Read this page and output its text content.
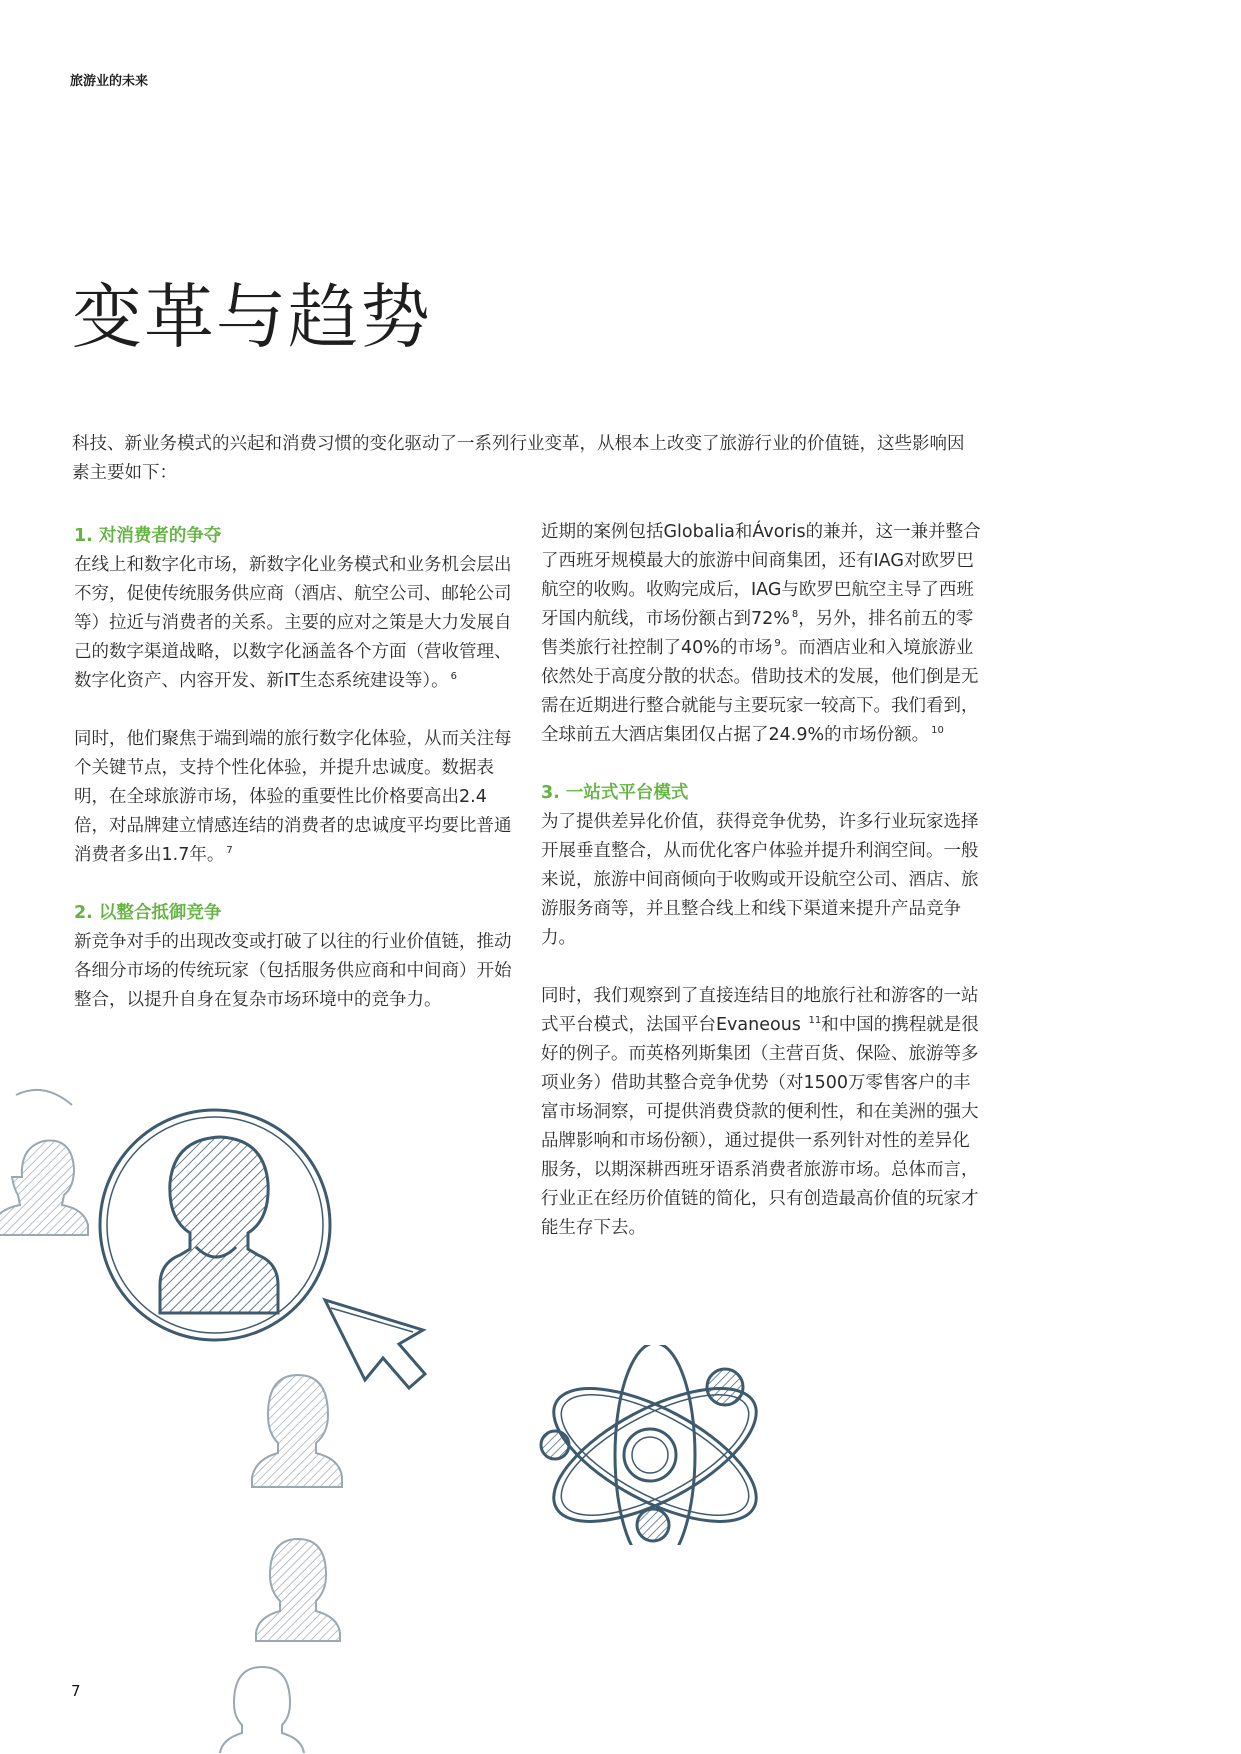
旅游业的未来
变革与趋势

科技、新业务模式的兴起和消费习惯的变化驱动了一系列行业变革，从根本上改变了旅游行业的价值链，这些影响因素主要如下：

1. 对消费者的争夺

在线上和数字化市场，新数字化业务模式和业务机会层出不穷，促使传统服务供应商（酒店、航空公司、邮轮公司等）拉近与消费者的关系。主要的应对之策是大力发展自己的数字渠道战略，以数字化涵盖各个方面（营收管理、数字化资产、内容开发、新IT生态系统建设等）。 $^6$

同时，他们聚焦于端到端的旅行数字化体验，从而关注每个关键节点，支持个性化体验，并提升忠诚度。数据表明，在全球旅游市场，体验的重要性比价格要高出2.4倍，对品牌建立情感连结的消费者的忠诚度平均要比普通消费者多出1.7年。 $^7$

2. 以整合抵御竞争

新竞争对手的出现改变或打破了以往的行业价值链，推动各细分市场的传统玩家（包括服务供应商和中间商）开始整合，以提升自身在复杂市场环境中的竞争力。

近期的案例包括Globalia和Ávoris的兼并，这一兼并整合了西班牙规模最大的旅游中间商集团，还有IAG对欧罗巴航空的收购。收购完成后，IAG与欧罗巴航空主导了西班牙国内航线，市场份额占到72% $^8$，另外，排名前五的零售类旅行社控制了40%的市场 $^9$。而酒店业和入境旅游业依然处于高度分散的状态。借助技术的发展，他们倒是无需在近期进行整合就能与主要玩家一较高下。我们看到，全球前五大酒店集团仅占据了24.9%的市场份额。 $^{10}$

3. 一站式平台模式

为了提供差异化价值，获得竞争优势，许多行业玩家选择开展垂直整合，从而优化客户体验并提升利润空间。一般来说，旅游中间商倾向于收购或开设航空公司、酒店、旅游服务商等，并且整合线上和线下渠道来提升产品竞争力。

同时，我们观察到了直接连结目的地旅行社和游客的一站式平台模式，法国平台Evaneous $^{11}$和中国的携程就是很好的例子。而英格列斯集团（主营百货、保险、旅游等多项业务）借助其整合竞争优势（对1500万零售客户的丰富市场洞察，可提供消费贷款的便利性，和在美洲的强大品牌影响和市场份额），通过提供一系列针对性的差异化服务，以期深耕西班牙语系消费者旅游市场。总体而言，行业正在经历价值链的简化，只有创造最高价值的玩家才能生存下去。

7
